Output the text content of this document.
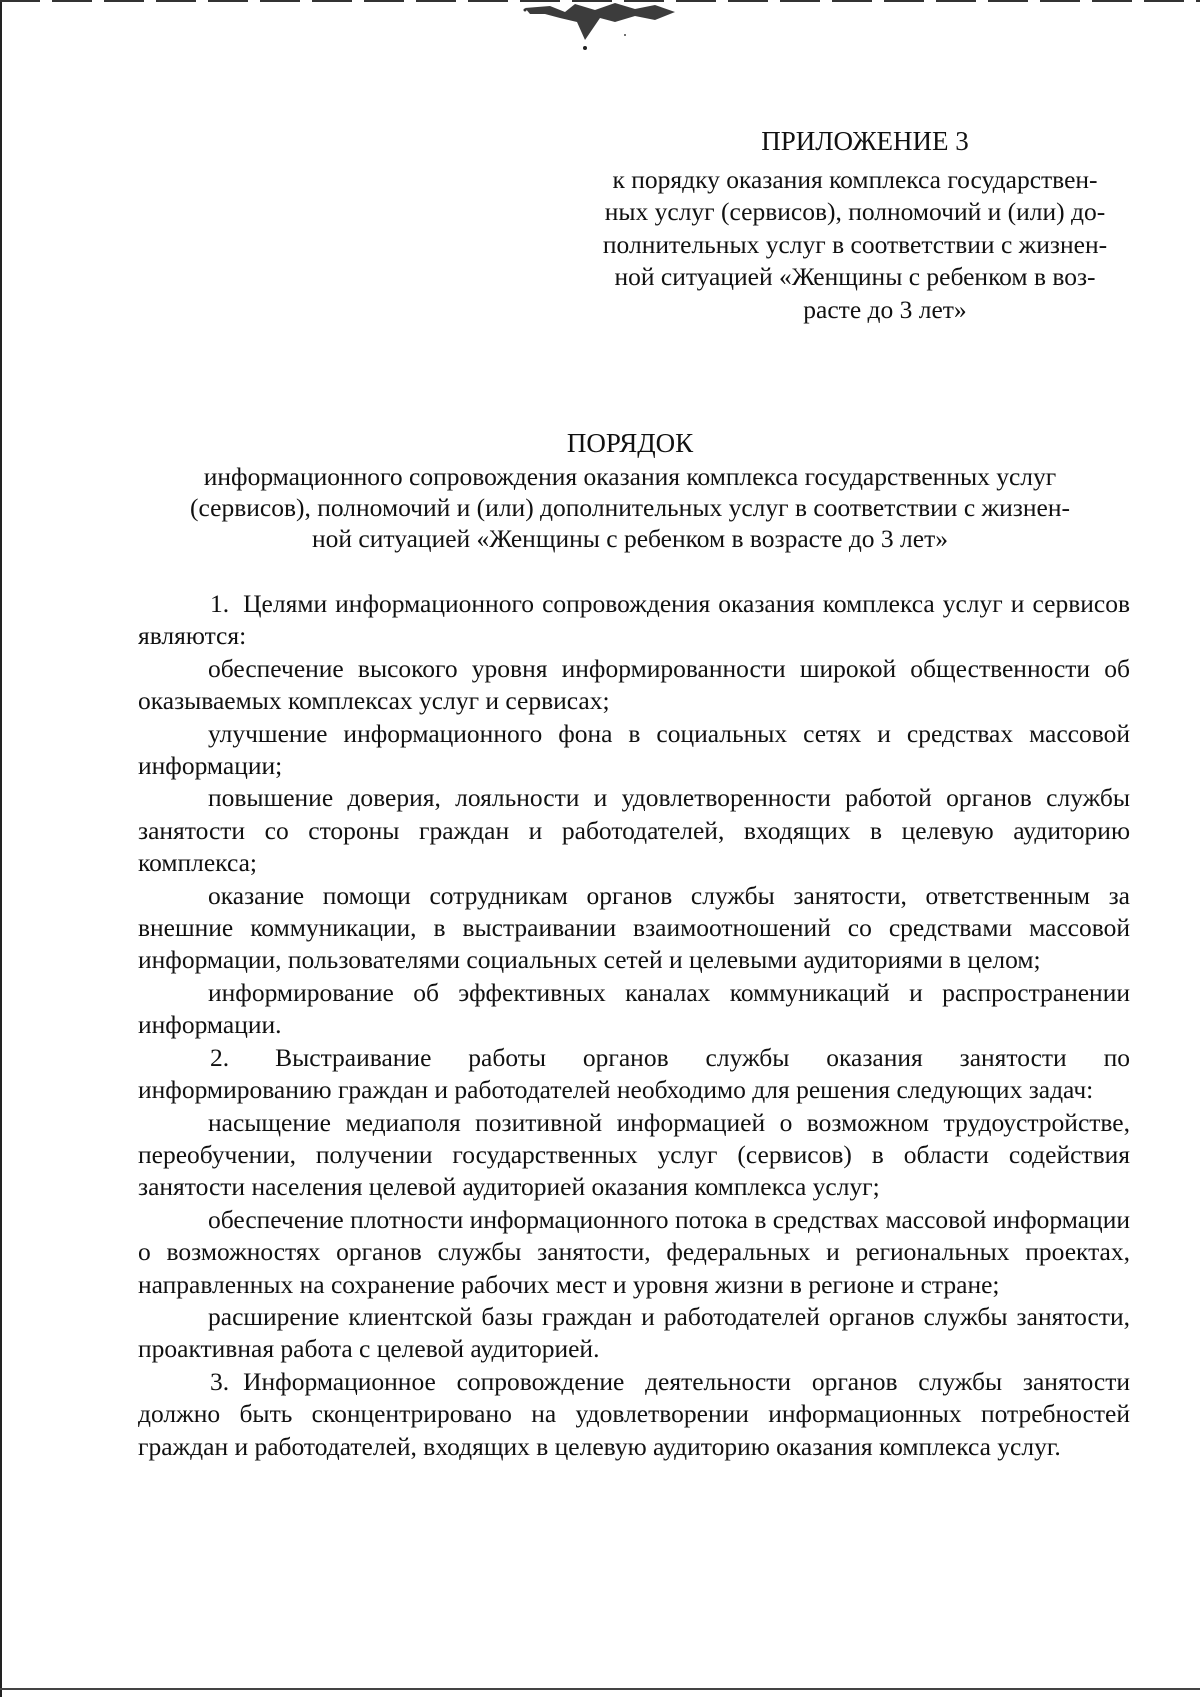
ПРИЛОЖЕНИЕ 3
к порядку оказания комплекса государствен-
ных услуг (сервисов), полномочий и (или) до-
полнительных услуг в соответствии с жизнен-
ной ситуацией «Женщины с ребенком в воз-
расте до 3 лет»
ПОРЯДОК
информационного сопровождения оказания комплекса государственных услуг
(сервисов), полномочий и (или) дополнительных услуг в соответствии с жизнен-
ной ситуацией «Женщины с ребенком в возрасте до 3 лет»

1. Целями информационного сопровождения оказания комплекса услуг и сервисов являются:

обеспечение высокого уровня информированности широкой общественности об оказываемых комплексах услуг и сервисах;

улучшение информационного фона в социальных сетях и средствах массовой информации;

повышение доверия, лояльности и удовлетворенности работой органов службы занятости со стороны граждан и работодателей, входящих в целевую аудиторию комплекса;

оказание помощи сотрудникам органов службы занятости, ответственным за внешние коммуникации, в выстраивании взаимоотношений со средствами массовой информации, пользователями социальных сетей и целевыми аудиториями в целом;

информирование об эффективных каналах коммуникаций и распространении информации.

2. Выстраивание работы органов службы оказания занятости по информированию граждан и работодателей необходимо для решения следующих задач:

насыщение медиаполя позитивной информацией о возможном трудоустройстве, переобучении, получении государственных услуг (сервисов) в области содействия занятости населения целевой аудиторией оказания комплекса услуг;

обеспечение плотности информационного потока в средствах массовой информации о возможностях органов службы занятости, федеральных и региональных проектах, направленных на сохранение рабочих мест и уровня жизни в регионе и стране;

расширение клиентской базы граждан и работодателей органов службы занятости, проактивная работа с целевой аудиторией.

3. Информационное сопровождение деятельности органов службы занятости должно быть сконцентрировано на удовлетворении информационных потребностей граждан и работодателей, входящих в целевую аудиторию оказания комплекса услуг.
